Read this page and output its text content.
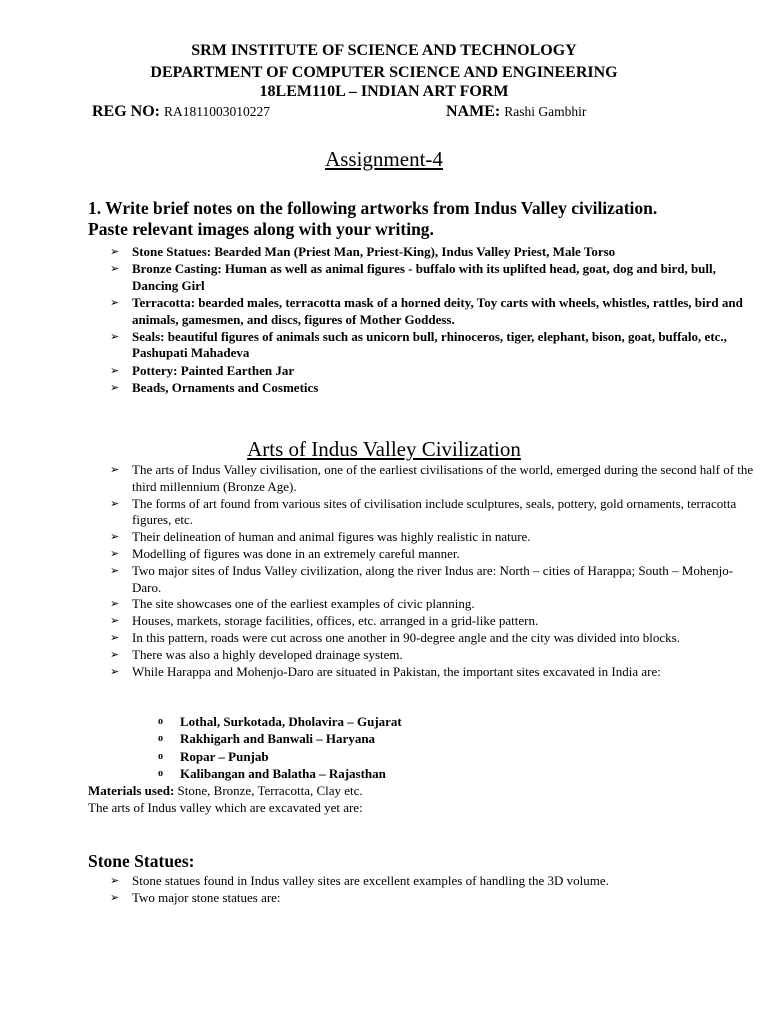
SRM INSTITUTE OF SCIENCE AND TECHNOLOGY
DEPARTMENT OF COMPUTER SCIENCE AND ENGINEERING
18LEM110L – INDIAN ART FORM
REG NO: RA1811003010227	NAME: Rashi Gambhir
Assignment-4
1. Write brief notes on the following artworks from Indus Valley civilization. Paste relevant images along with your writing.
➢ Stone Statues: Bearded Man (Priest Man, Priest-King), Indus Valley Priest, Male Torso
➢ Bronze Casting: Human as well as animal figures - buffalo with its uplifted head, goat, dog and bird, bull, Dancing Girl
➢ Terracotta: bearded males, terracotta mask of a horned deity, Toy carts with wheels, whistles, rattles, bird and animals, gamesmen, and discs, figures of Mother Goddess.
➢ Seals: beautiful figures of animals such as unicorn bull, rhinoceros, tiger, elephant, bison, goat, buffalo, etc., Pashupati Mahadeva
➢ Pottery: Painted Earthen Jar
➢ Beads, Ornaments and Cosmetics
Arts of Indus Valley Civilization
➢ The arts of Indus Valley civilisation, one of the earliest civilisations of the world, emerged during the second half of the third millennium (Bronze Age).
➢ The forms of art found from various sites of civilisation include sculptures, seals, pottery, gold ornaments, terracotta figures, etc.
➢ Their delineation of human and animal figures was highly realistic in nature.
➢ Modelling of figures was done in an extremely careful manner.
➢ Two major sites of Indus Valley civilization, along the river Indus are: North – cities of Harappa; South – Mohenjo-Daro.
➢ The site showcases one of the earliest examples of civic planning.
➢ Houses, markets, storage facilities, offices, etc. arranged in a grid-like pattern.
➢ In this pattern, roads were cut across one another in 90-degree angle and the city was divided into blocks.
➢ There was also a highly developed drainage system.
➢ While Harappa and Mohenjo-Daro are situated in Pakistan, the important sites excavated in India are:
o Lothal, Surkotada, Dholavira – Gujarat
o Rakhigarh and Banwali – Haryana
o Ropar – Punjab
o Kalibangan and Balatha – Rajasthan
Materials used: Stone, Bronze, Terracotta, Clay etc.
The arts of Indus valley which are excavated yet are:
Stone Statues:
➢ Stone statues found in Indus valley sites are excellent examples of handling the 3D volume.
➢ Two major stone statues are:
